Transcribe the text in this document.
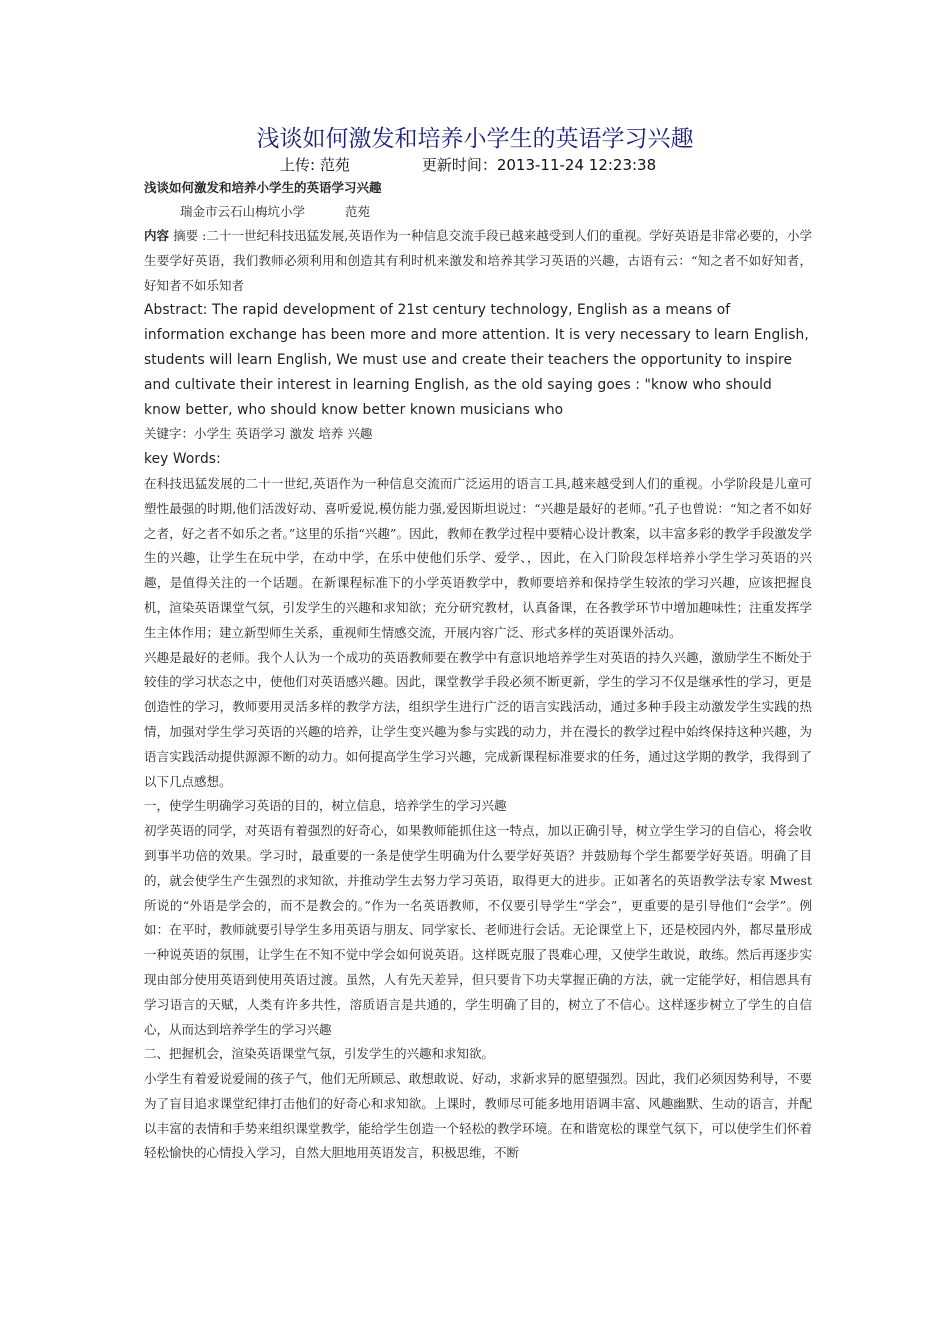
浅谈如何激发和培养小学生的英语学习兴趣
上传: 范苑	更新时间：2013-11-24 12:23:38

浅谈如何激发和培养小学生的英语学习兴趣

瑞金市云石山梅坑小学	范苑

内容 摘要 :二十一世纪科技迅猛发展,英语作为一种信息交流手段已越来越受到人们的重视。学好英语是非常必要的，小学生要学好英语，我们教师必须利用和创造其有利时机来激发和培养其学习英语的兴趣，古语有云：“知之者不如好知者，好知者不如乐知者

Abstract: The rapid development of 21st century technology, English as a means of information exchange has been more and more attention. It is very necessary to learn English, students will learn English, We must use and create their teachers the opportunity to inspire and cultivate their interest in learning English, as the old saying goes : "know who should know better, who should know better known musicians who

关键字：小学生 英语学习 激发 培养 兴趣

key Words:

在科技迅猛发展的二十一世纪,英语作为一种信息交流而广泛运用的语言工具,越来越受到人们的重视。小学阶段是儿童可塑性最强的时期,他们活泼好动、喜听爱说,模仿能力强,爱因斯坦说过：“兴趣是最好的老师。”孔子也曾说：“知之者不如好之者，好之者不如乐之者。”这里的乐指“兴趣”。因此，教师在教学过程中要精心设计教案，以丰富多彩的教学手段激发学生的兴趣，让学生在玩中学，在动中学，在乐中使他们乐学、爱学、，因此，在入门阶段怎样培养小学生学习英语的兴趣，是值得关注的一个话题。在新课程标准下的小学英语教学中，教师要培养和保持学生较浓的学习兴趣，应该把握良机，渲染英语课堂气氛，引发学生的兴趣和求知欲；充分研究教材，认真备课，在各教学环节中增加趣味性；注重发挥学生主体作用；建立新型师生关系，重视师生情感交流，开展内容广泛、形式多样的英语课外活动。

兴趣是最好的老师。我个人认为一个成功的英语教师要在教学中有意识地培养学生对英语的持久兴趣，激励学生不断处于较佳的学习状态之中，使他们对英语感兴趣。因此，课堂教学手段必须不断更新，学生的学习不仅是继承性的学习，更是创造性的学习，教师要用灵活多样的教学方法，组织学生进行广泛的语言实践活动，通过多种手段主动激发学生实践的热情，加强对学生学习英语的兴趣的培养，让学生变兴趣为参与实践的动力，并在漫长的教学过程中始终保持这种兴趣，为语言实践活动提供源源不断的动力。如何提高学生学习兴趣，完成新课程标准要求的任务，通过这学期的教学，我得到了以下几点感想。

一，使学生明确学习英语的目的，树立信息，培养学生的学习兴趣

初学英语的同学，对英语有着强烈的好奇心，如果教师能抓住这一特点，加以正确引导，树立学生学习的自信心，将会收到事半功倍的效果。学习时，最重要的一条是使学生明确为什么要学好英语？并鼓励每个学生都要学好英语。明确了目的，就会使学生产生强烈的求知欲，并推动学生去努力学习英语，取得更大的进步。正如著名的英语教学法专家 Mwest 所说的“外语是学会的，而不是教会的。”作为一名英语教师，不仅要引导学生“学会”，更重要的是引导他们“会学”。例如：在平时，教师就要引导学生多用英语与朋友、同学家长、老师进行会话。无论课堂上下，还是校园内外，都尽量形成一种说英语的氛围，让学生在不知不觉中学会如何说英语。这样既克服了畏难心理，又使学生敢说，敢练。然后再逐步实现由部分使用英语到使用英语过渡。虽然，人有先天差异，但只要肯下功夫掌握正确的方法，就一定能学好，相信恩具有学习语言的天赋，人类有许多共性，溶质语言是共通的，学生明确了目的，树立了不信心。这样逐步树立了学生的自信心，从而达到培养学生的学习兴趣

二、把握机会，渲染英语课堂气氛，引发学生的兴趣和求知欲。

小学生有着爱说爱闹的孩子气，他们无所顾忌、敢想敢说、好动，求新求异的愿望强烈。因此，我们必须因势利导，不要为了盲目追求课堂纪律打击他们的好奇心和求知欲。上课时，教师尽可能多地用语调丰富、风趣幽默、生动的语言，并配以丰富的表情和手势来组织课堂教学，能给学生创造一个轻松的教学环境。在和谐宽松的课堂气氛下，可以使学生们怀着轻松愉快的心情投入学习，自然大胆地用英语发言，积极思维，不断
